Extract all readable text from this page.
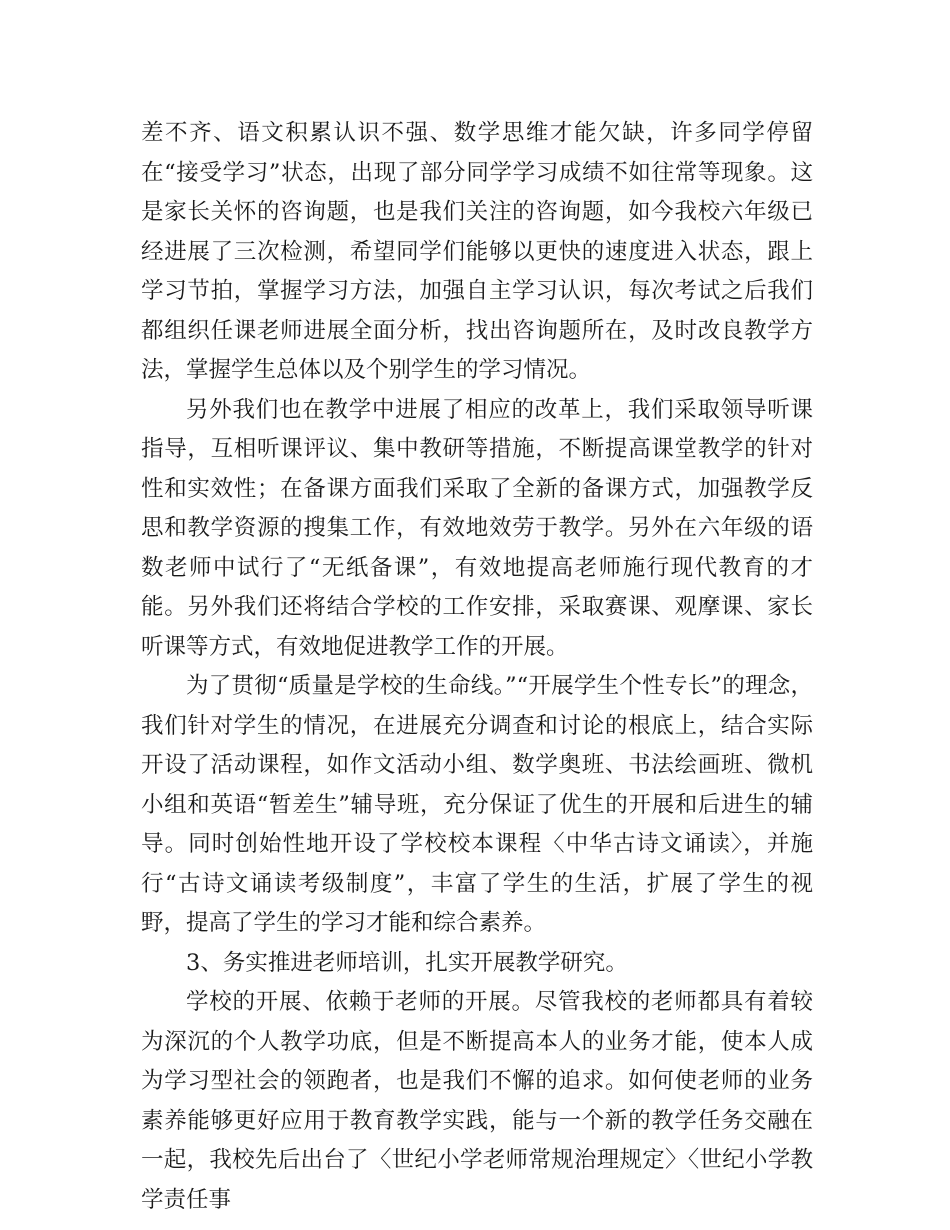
差不齐、语文积累认识不强、数学思维才能欠缺，许多同学停留在“接受学习”状态，出现了部分同学学习成绩不如往常等现象。这是家长关怀的咨询题，也是我们关注的咨询题，如今我校六年级已经进展了三次检测，希望同学们能够以更快的速度进入状态，跟上学习节拍，掌握学习方法，加强自主学习认识，每次考试之后我们都组织任课老师进展全面分析，找出咨询题所在，及时改良教学方法，掌握学生总体以及个别学生的学习情况。

另外我们也在教学中进展了相应的改革上，我们采取领导听课指导，互相听课评议、集中教研等措施，不断提高课堂教学的针对性和实效性；在备课方面我们采取了全新的备课方式，加强教学反思和教学资源的搜集工作，有效地效劳于教学。另外在六年级的语数老师中试行了“无纸备课”，有效地提高老师施行现代教育的才能。另外我们还将结合学校的工作安排，采取赛课、观摩课、家长听课等方式，有效地促进教学工作的开展。

为了贯彻“质量是学校的生命线。”“开展学生个性专长”的理念，我们针对学生的情况，在进展充分调查和讨论的根底上，结合实际开设了活动课程，如作文活动小组、数学奥班、书法绘画班、微机小组和英语“暂差生”辅导班，充分保证了优生的开展和后进生的辅导。同时创始性地开设了学校校本课程〈中华古诗文诵读〉，并施行“古诗文诵读考级制度”，丰富了学生的生活，扩展了学生的视野，提高了学生的学习才能和综合素养。

3、务实推进老师培训，扎实开展教学研究。

学校的开展、依赖于老师的开展。尽管我校的老师都具有着较为深沉的个人教学功底，但是不断提高本人的业务才能，使本人成为学习型社会的领跑者，也是我们不懈的追求。如何使老师的业务素养能够更好应用于教育教学实践，能与一个新的教学任务交融在一起，我校先后出台了〈世纪小学老师常规治理规定〉〈世纪小学教学责任事
